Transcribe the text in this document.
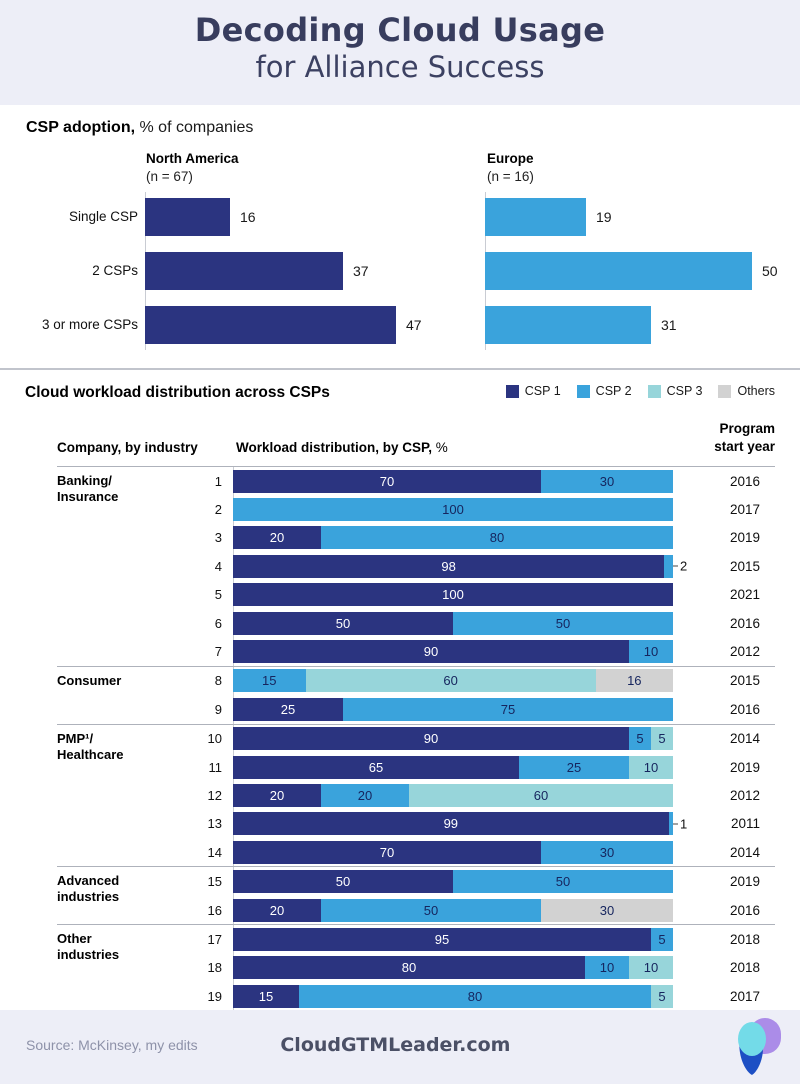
Decoding Cloud Usage
for Alliance Success
CSP adoption, % of companies
North America
(n = 67)
Europe
(n = 16)
Single CSP	16	19
2 CSPs	37	50
3 or more CSPs	47	31
Cloud workload distribution across CSPs	CSP 1	CSP 2	CSP 3	Others
Company, by industry	Workload distribution, by CSP, %
Program
start year
Banking/
Insurance
1	70	30	2016
2	100	2017
3	20	80	2019
4	98	2	2015
5	100	2021
6	50	50	2016
7	90	10	2012
Consumer	8	15	60	16	2015
9	25	75	2016
PMP¹/
Healthcare
10	90	5	5	2014
11	65	25	10	2019
12	20	20	60	2012
13	99	1	2011
14	70	30	2014
Advanced
industries
15	50	50	2019
16	20	50	30	2016
Other
industries
17	95	5	2018
18	80	10	10	2018
19	15	80	5	2017
Source: McKinsey, my edits	CloudGTMLeader.com
